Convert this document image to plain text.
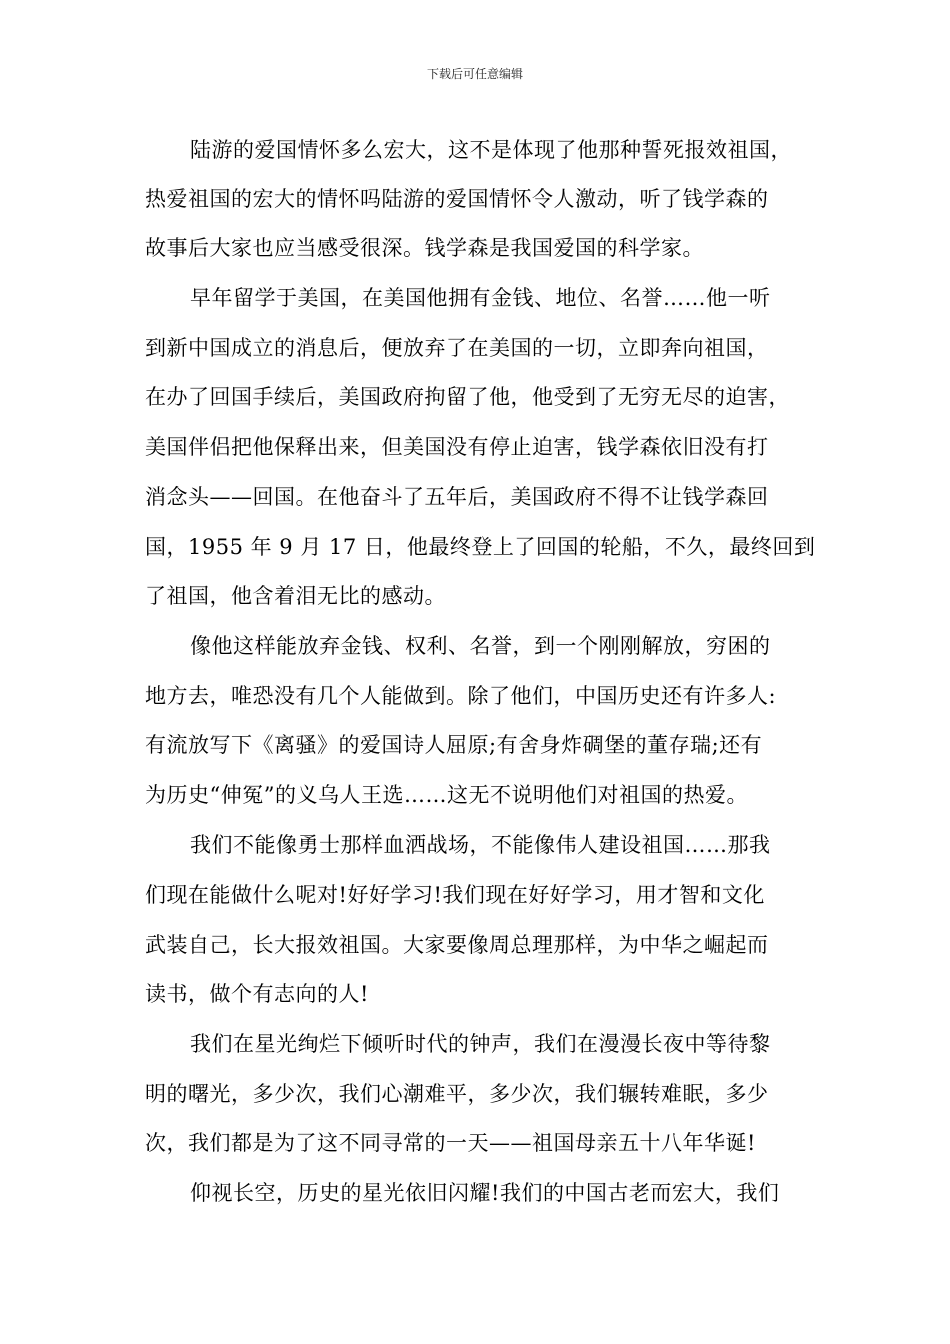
下载后可任意编辑
陆游的爱国情怀多么宏大，这不是体现了他那种誓死报效祖国，
热爱祖国的宏大的情怀吗陆游的爱国情怀令人激动，听了钱学森的
故事后大家也应当感受很深。钱学森是我国爱国的科学家。
早年留学于美国，在美国他拥有金钱、地位、名誉……他一听
到新中国成立的消息后，便放弃了在美国的一切，立即奔向祖国，
在办了回国手续后，美国政府拘留了他，他受到了无穷无尽的迫害，
美国伴侣把他保释出来，但美国没有停止迫害，钱学森依旧没有打
消念头——回国。在他奋斗了五年后，美国政府不得不让钱学森回
国，1955 年 9 月 17 日，他最终登上了回国的轮船，不久，最终回到
了祖国，他含着泪无比的感动。
像他这样能放弃金钱、权利、名誉，到一个刚刚解放，穷困的
地方去，唯恐没有几个人能做到。除了他们，中国历史还有许多人:
有流放写下《离骚》的爱国诗人屈原;有舍身炸碉堡的董存瑞;还有
为历史“伸冤”的义乌人王选……这无不说明他们对祖国的热爱。
我们不能像勇士那样血洒战场，不能像伟人建设祖国……那我
们现在能做什么呢对!好好学习!我们现在好好学习，用才智和文化
武装自己，长大报效祖国。大家要像周总理那样，为中华之崛起而
读书，做个有志向的人!
我们在星光绚烂下倾听时代的钟声，我们在漫漫长夜中等待黎
明的曙光，多少次，我们心潮难平，多少次，我们辗转难眠，多少
次，我们都是为了这不同寻常的一天——祖国母亲五十八年华诞!
仰视长空，历史的星光依旧闪耀!我们的中国古老而宏大，我们
